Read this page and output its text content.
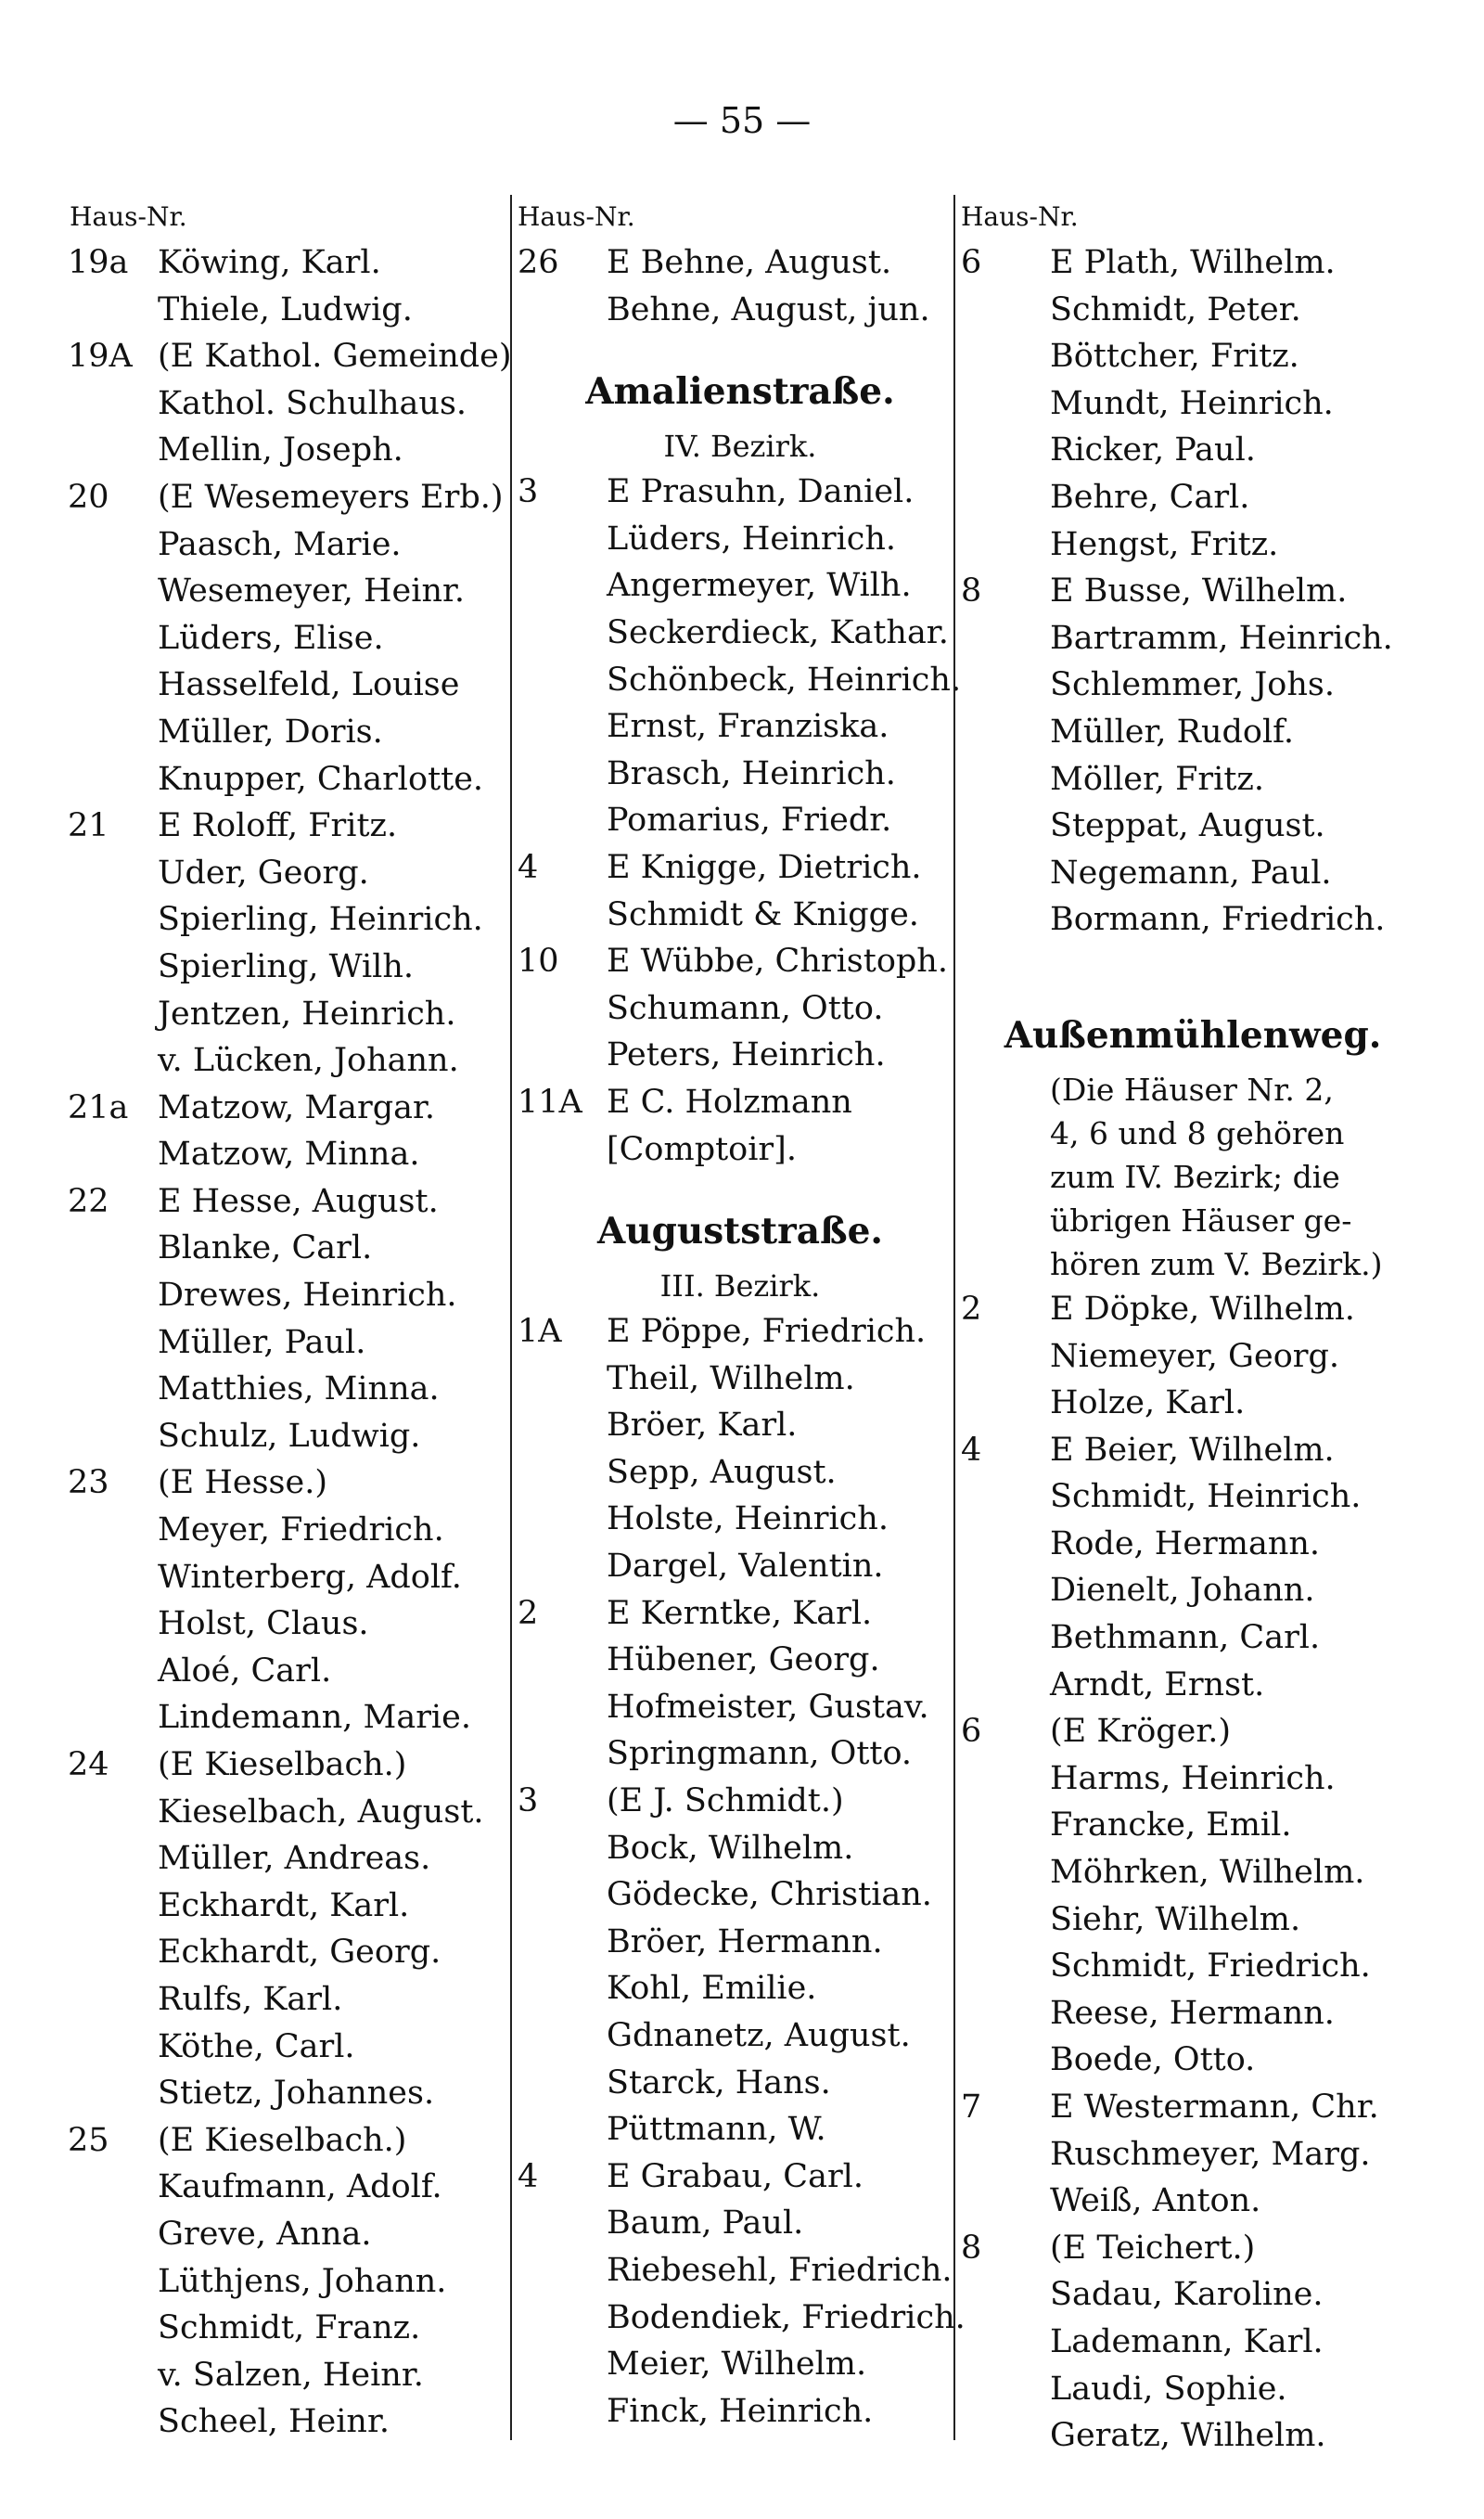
— 55 —
Haus-Nr.
19a Köwing, Karl.
Thiele, Ludwig.
19A (E Kathol. Gemeinde)
Kathol. Schulhaus.
Mellin, Joseph.
20	(E Wesemeyers Erb.)
Paasch, Marie.
Wesemeyer, Heinr.
Lüders, Elise.
Hasselfeld, Louise
Müller, Doris.
Knupper, Charlotte.
21	E Roloff, Fritz.
Uder, Georg.
Spierling, Heinrich.
Spierling, Wilh.
Jentzen, Heinrich.
v. Lücken, Johann.
21a Matzow, Margar.
Matzow, Minna.
22	E Hesse, August.
Blanke, Carl.
Drewes, Heinrich.
Müller, Paul.
Matthies, Minna.
Schulz, Ludwig.
23	(E Hesse.)
Meyer, Friedrich.
Winterberg, Adolf.
Holst, Claus.
Aloé, Carl.
Lindemann, Marie.
24	(E Kieselbach.)
Kieselbach, August.
Müller, Andreas.
Eckhardt, Karl.
Eckhardt, Georg.
Rulfs, Karl.
Köthe, Carl.
Stietz, Johannes.
25	(E Kieselbach.)
Kaufmann, Adolf.
Greve, Anna.
Lüthjens, Johann.
Schmidt, Franz.
v. Salzen, Heinr.
Scheel, Heinr.
Haus-Nr.
26	E Behne, August.
Behne, August, jun.
Amalienstraße.
IV. Bezirk.
3	E Prasuhn, Daniel.
Lüders, Heinrich.
Angermeyer, Wilh.
Seckerdieck, Kathar.
Schönbeck, Heinrich.
Ernst, Franziska.
Brasch, Heinrich.
Pomarius, Friedr.
4	E Knigge, Dietrich.
Schmidt & Knigge.
10	E Wübbe, Christoph.
Schumann, Otto.
Peters, Heinrich.
11A E C. Holzmann
[Comptoir].
Auguststraße.
III. Bezirk.
1A	E Pöppe, Friedrich.
Theil, Wilhelm.
Bröer, Karl.
Sepp, August.
Holste, Heinrich.
Dargel, Valentin.
2	E Kerntke, Karl.
Hübener, Georg.
Hofmeister, Gustav.
Springmann, Otto.
3	(E J. Schmidt.)
Bock, Wilhelm.
Gödecke, Christian.
Bröer, Hermann.
Kohl, Emilie.
Gdnanetz, August.
Starck, Hans.
Püttmann, W.
4	E Grabau, Carl.
Baum, Paul.
Riebesehl, Friedrich.
Bodendiek, Friedrich.
Meier, Wilhelm.
Finck, Heinrich.
Haus-Nr.
6	E Plath, Wilhelm.
Schmidt, Peter.
Böttcher, Fritz.
Mundt, Heinrich.
Ricker, Paul.
Behre, Carl.
Hengst, Fritz.
8	E Busse, Wilhelm.
Bartramm, Heinrich.
Schlemmer, Johs.
Müller, Rudolf.
Möller, Fritz.
Steppat, August.
Negemann, Paul.
Bormann, Friedrich.
Außenmühlenweg.
(Die Häuser Nr. 2,
4, 6 und 8 gehören
zum IV. Bezirk; die
übrigen Häuser ge-
hören zum V. Bezirk.)
2	E Döpke, Wilhelm.
Niemeyer, Georg.
Holze, Karl.
4	E Beier, Wilhelm.
Schmidt, Heinrich.
Rode, Hermann.
Dienelt, Johann.
Bethmann, Carl.
Arndt, Ernst.
6	(E Kröger.)
Harms, Heinrich.
Francke, Emil.
Möhrken, Wilhelm.
Siehr, Wilhelm.
Schmidt, Friedrich.
Reese, Hermann.
Boede, Otto.
7	E Westermann, Chr.
Ruschmeyer, Marg.
Weiß, Anton.
8	(E Teichert.)
Sadau, Karoline.
Lademann, Karl.
Laudi, Sophie.
Geratz, Wilhelm.
